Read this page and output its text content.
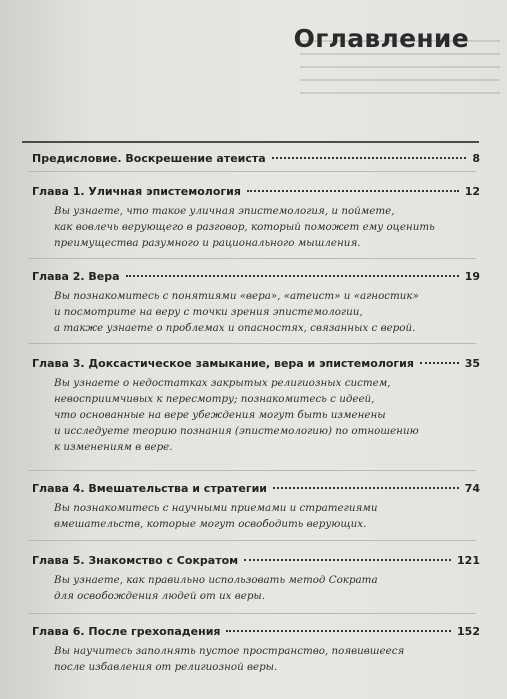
Оглавление
Предисловие. Воскрешение атеиста	8
Глава 1. Уличная эпистемология	12
Вы узнаете, что такое уличная эпистемология, и поймете,
как вовлечь верующего в разговор, который поможет ему оценить
преимущества разумного и рационального мышления.
Глава 2. Вера	19
Вы познакомитесь с понятиями «вера», «атеист» и «агностик»
и посмотрите на веру с точки зрения эпистемологии,
а также узнаете о проблемах и опасностях, связанных с верой.
Глава 3. Доксастическое замыкание, вера и эпистемология	35
Вы узнаете о недостатках закрытых религиозных систем,
невосприимчивых к пересмотру; познакомитесь с идеей,
что основанные на вере убеждения могут быть изменены
и исследуете теорию познания (эпистемологию) по отношению
к изменениям в вере.
Глава 4. Вмешательства и стратегии	74
Вы познакомитесь с научными приемами и стратегиями
вмешательств, которые могут освободить верующих.
Глава 5. Знакомство с Сократом	121
Вы узнаете, как правильно использовать метод Сократа
для освобождения людей от их веры.
Глава 6. После грехопадения	152
Вы научитесь заполнять пустое пространство, появившееся
после избавления от религиозной веры.
